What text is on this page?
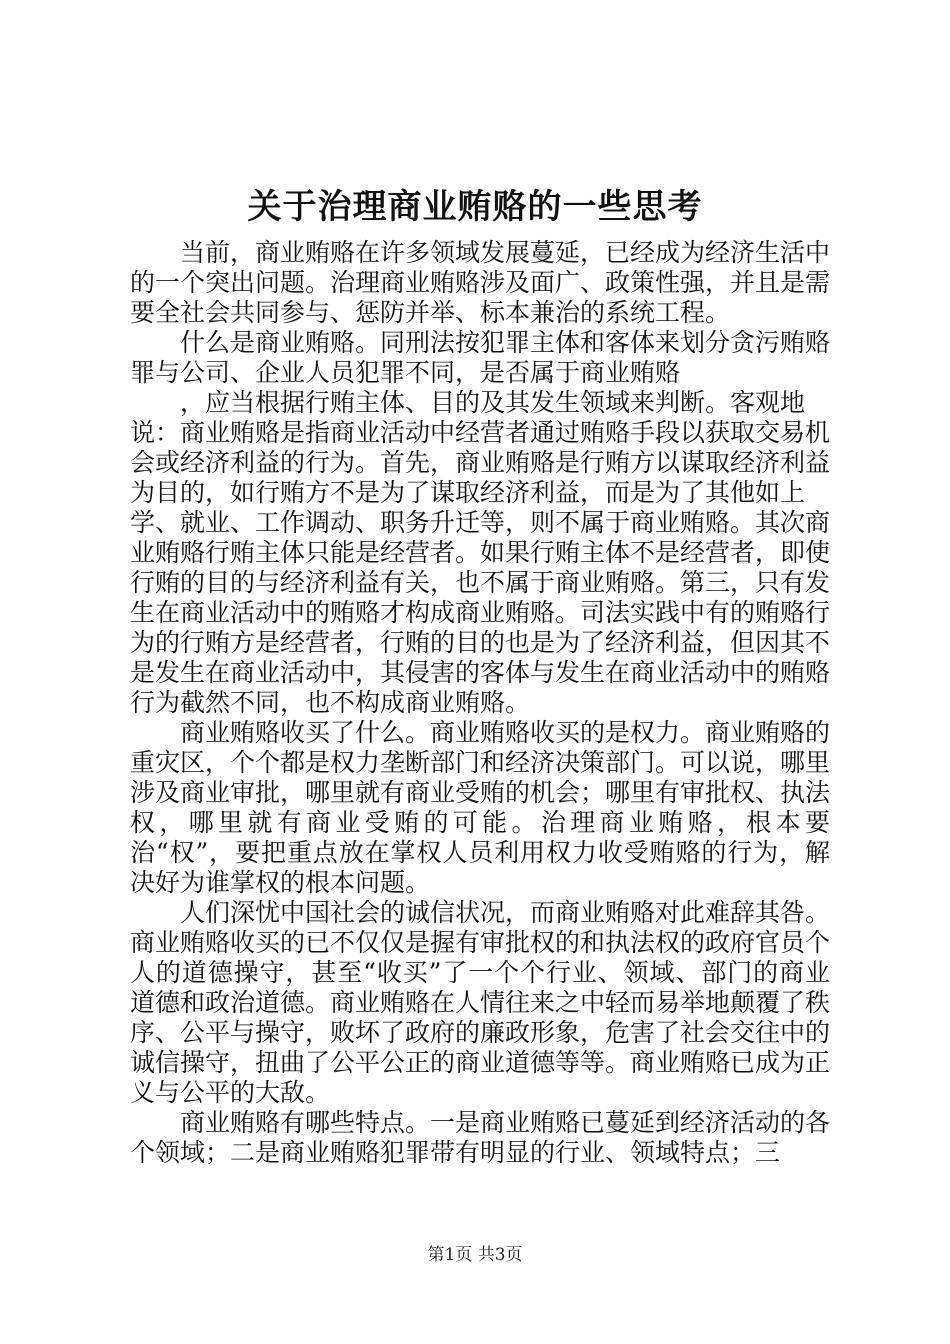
关于治理商业贿赂的一些思考

当前，商业贿赂在许多领域发展蔓延，已经成为经济生活中的一个突出问题。治理商业贿赂涉及面广、政策性强，并且是需要全社会共同参与、惩防并举、标本兼治的系统工程。

什么是商业贿赂。同刑法按犯罪主体和客体来划分贪污贿赂罪与公司、企业人员犯罪不同，是否属于商业贿赂

，应当根据行贿主体、目的及其发生领域来判断。客观地说：商业贿赂是指商业活动中经营者通过贿赂手段以获取交易机会或经济利益的行为。首先，商业贿赂是行贿方以谋取经济利益为目的，如行贿方不是为了谋取经济利益，而是为了其他如上学、就业、工作调动、职务升迁等，则不属于商业贿赂。其次商业贿赂行贿主体只能是经营者。如果行贿主体不是经营者，即使行贿的目的与经济利益有关，也不属于商业贿赂。第三，只有发生在商业活动中的贿赂才构成商业贿赂。司法实践中有的贿赂行为的行贿方是经营者，行贿的目的也是为了经济利益，但因其不是发生在商业活动中，其侵害的客体与发生在商业活动中的贿赂行为截然不同，也不构成商业贿赂。

商业贿赂收买了什么。商业贿赂收买的是权力。商业贿赂的重灾区，个个都是权力垄断部门和经济决策部门。可以说，哪里涉及商业审批，哪里就有商业受贿的机会；哪里有审批权、执法权，哪里就有商业受贿的可能。治理商业贿赂，根本要治“权”，要把重点放在掌权人员利用权力收受贿赂的行为，解决好为谁掌权的根本问题。

人们深忧中国社会的诚信状况，而商业贿赂对此难辞其咎。商业贿赂收买的已不仅仅是握有审批权的和执法权的政府官员个人的道德操守，甚至“收买”了一个个行业、领域、部门的商业道德和政治道德。商业贿赂在人情往来之中轻而易举地颠覆了秩序、公平与操守，败坏了政府的廉政形象，危害了社会交往中的诚信操守，扭曲了公平公正的商业道德等等。商业贿赂已成为正义与公平的大敌。

商业贿赂有哪些特点。一是商业贿赂已蔓延到经济活动的各个领域；二是商业贿赂犯罪带有明显的行业、领域特点；三

第1页 共3页
